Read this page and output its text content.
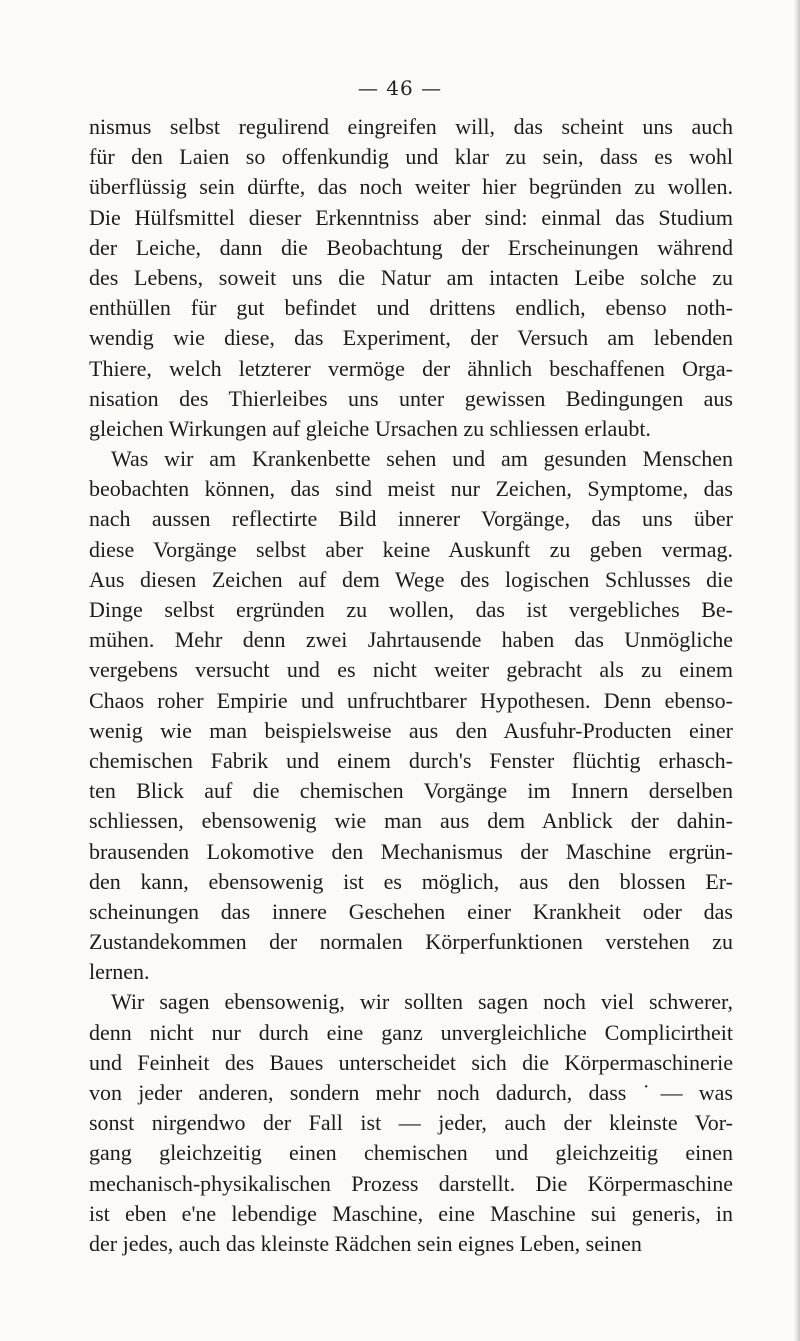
— 46 —
nismus selbst regulirend eingreifen will, das scheint uns auch
für den Laien so offenkundig und klar zu sein, dass es wohl
überflüssig sein dürfte, das noch weiter hier begründen zu wollen.
Die Hülfsmittel dieser Erkenntniss aber sind: einmal das Studium
der Leiche, dann die Beobachtung der Erscheinungen während
des Lebens, soweit uns die Natur am intacten Leibe solche zu
enthüllen für gut befindet und drittens endlich, ebenso noth-
wendig wie diese, das Experiment, der Versuch am lebenden
Thiere, welch letzterer vermöge der ähnlich beschaffenen Orga-
nisation des Thierleibes uns unter gewissen Bedingungen aus
gleichen Wirkungen auf gleiche Ursachen zu schliessen erlaubt.
Was wir am Krankenbette sehen und am gesunden Menschen
beobachten können, das sind meist nur Zeichen, Symptome, das
nach aussen reflectirte Bild innerer Vorgänge, das uns über
diese Vorgänge selbst aber keine Auskunft zu geben vermag.
Aus diesen Zeichen auf dem Wege des logischen Schlusses die
Dinge selbst ergründen zu wollen, das ist vergebliches Be-
mühen. Mehr denn zwei Jahrtausende haben das Unmögliche
vergebens versucht und es nicht weiter gebracht als zu einem
Chaos roher Empirie und unfruchtbarer Hypothesen. Denn ebenso-
wenig wie man beispielsweise aus den Ausfuhr-Producten einer
chemischen Fabrik und einem durch's Fenster flüchtig erhasch-
ten Blick auf die chemischen Vorgänge im Innern derselben
schliessen, ebensowenig wie man aus dem Anblick der dahin-
brausenden Lokomotive den Mechanismus der Maschine ergrün-
den kann, ebensowenig ist es möglich, aus den blossen Er-
scheinungen das innere Geschehen einer Krankheit oder das
Zustandekommen der normalen Körperfunktionen verstehen zu
lernen.
Wir sagen ebensowenig, wir sollten sagen noch viel schwerer,
denn nicht nur durch eine ganz unvergleichliche Complicirtheit
und Feinheit des Baues unterscheidet sich die Körpermaschinerie
von jeder anderen, sondern mehr noch dadurch, dass ˙— was
sonst nirgendwo der Fall ist — jeder, auch der kleinste Vor-
gang gleichzeitig einen chemischen und gleichzeitig einen
mechanisch-physikalischen Prozess darstellt. Die Körpermaschine
ist eben e'ne lebendige Maschine, eine Maschine sui generis, in
der jedes, auch das kleinste Rädchen sein eignes Leben, seinen
